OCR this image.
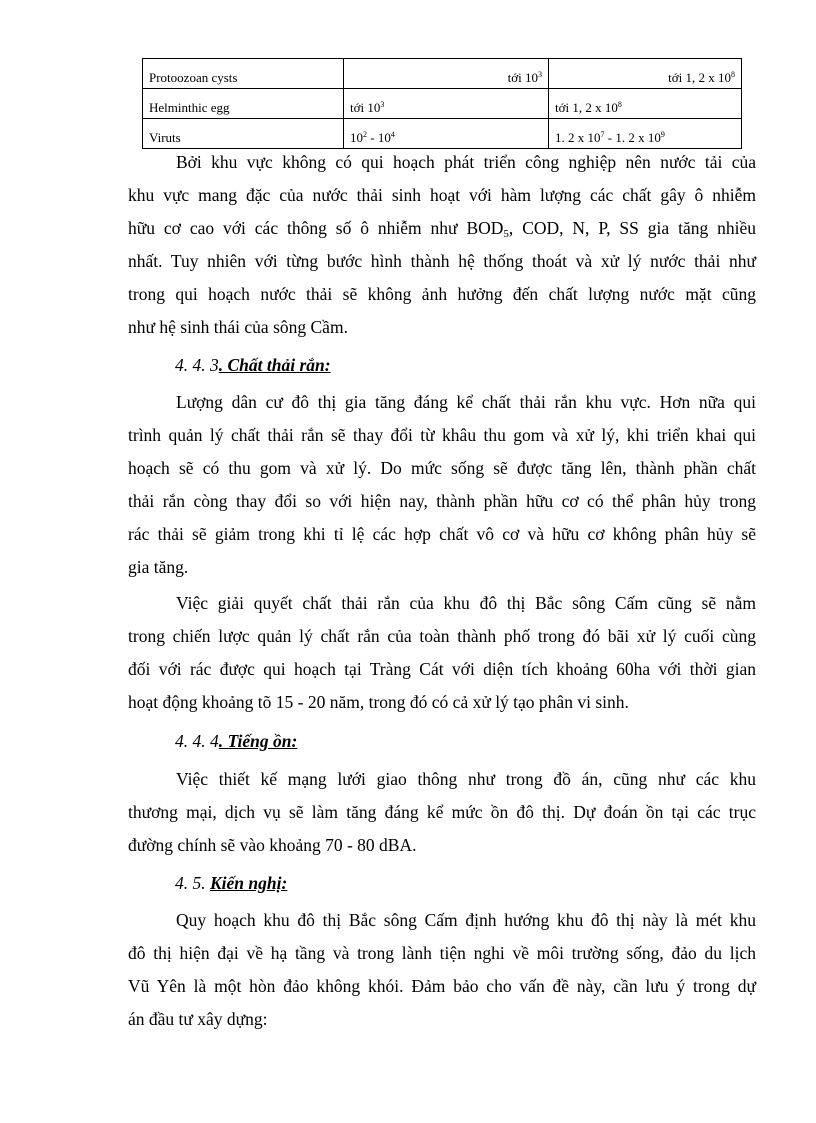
Protoozoan cysts	tới $10^3$	tới 1, 2 x $10^8$
Helminthic egg	tới $10^3$	tới 1, 2 x $10^8$
Viruts	$10^2 - 10^4$	1. 2 x $10^7 - 1$. 2 x $10^9$

Bởi khu vực không có qui hoạch phát triển công nghiệp nên nước tải của
khu vực mang đặc của nước thải sinh hoạt với hàm lượng các chất gây ô nhiễm
hữu cơ cao với các thông số ô nhiễm như $BOD_5$, COD, N, P, SS gia tăng nhiều
nhất. Tuy nhiên với từng bước hình thành hệ thống thoát và xử lý nước thải như
trong qui hoạch nước thải sẽ không ảnh hưởng đến chất lượng nước mặt cũng
như hệ sinh thái của sông Cầm.

4. 4. 3. Chất thải rắn:

Lượng dân cư đô thị gia tăng đáng kể chất thải rắn khu vực. Hơn nữa qui
trình quản lý chất thải rắn sẽ thay đổi từ khâu thu gom và xử lý, khi triển khai qui
hoạch sẽ có thu gom và xử lý. Do mức sống sẽ được tăng lên, thành phần chất
thải rắn còng thay đổi so với hiện nay, thành phần hữu cơ có thể phân hủy trong
rác thải sẽ giảm trong khi tỉ lệ các hợp chất vô cơ và hữu cơ không phân hủy sẽ
gia tăng.

Việc giải quyết chất thải rắn của khu đô thị Bắc sông Cấm cũng sẽ nằm
trong chiến lược quản lý chất rắn của toàn thành phố trong đó bãi xử lý cuối cùng
đối với rác được qui hoạch tại Tràng Cát với diện tích khoảng 60ha với thời gian
hoạt động khoảng tõ 15 - 20 năm, trong đó có cả xử lý tạo phân vi sinh.

4. 4. 4. Tiếng ồn:

Việc thiết kế mạng lưới giao thông như trong đồ án, cũng như các khu
thương mại, dịch vụ sẽ làm tăng đáng kể mức ồn đô thị. Dự đoán ồn tại các trục
đường chính sẽ vào khoảng 70 - 80 dBA.

4. 5. Kiến nghị:

Quy hoạch khu đô thị Bắc sông Cấm định hướng khu đô thị này là mét khu
đô thị hiện đại về hạ tầng và trong lành tiện nghi về môi trường sống, đảo du lịch
Vũ Yên là một hòn đảo không khói. Đảm bảo cho vấn đề này, cần lưu ý trong dự
án đầu tư xây dựng:
